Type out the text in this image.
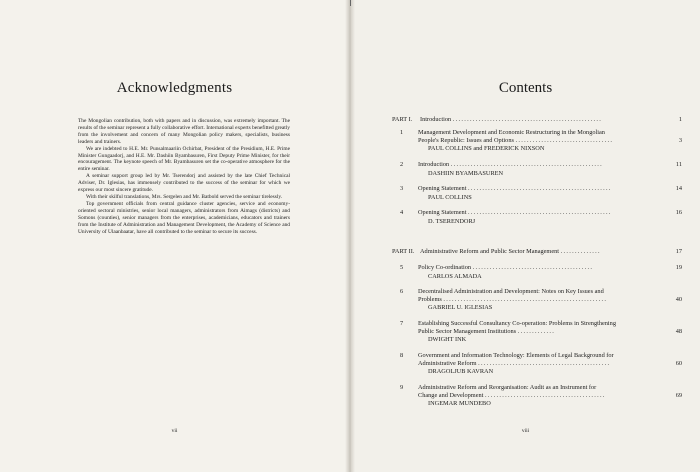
Acknowledgments

The Mongolian contribution, both with papers and in discussion, was extremely important. The results of the seminar represent a fully collaborative effort. International experts benefitted greatly from the involvement and concern of many Mongolian policy makers, specialists, business leaders and trainers.

We are indebted to H.E. Mr. Punsalmaariin Ochirbat, President of the Presidium, H.E. Prime Minister Gungaadorj, and H.E. Mr. Dashiin Byambasuren, First Deputy Prime Minister, for their encouragement. The keynote speech of Mr. Byambasuren set the co-operative atmosphere for the entire seminar.

A seminar support group led by Mr. Tserendorj and assisted by the late Chief Technical Adviser, Dr. Iglesias, has immensely contributed to the success of the seminar for which we express our most sincere gratitude.

With their skilful translations, Mrs. Sergelen and Mr. Batbold served the seminar tirelessly.

Top government officials from central guidance cluster agencies, service and economy-oriented sectoral ministries, senior local managers, administrators from Aimags (districts) and Somons (counties), senior managers from the enterprises, academicians, educators and trainers from the Institute of Administration and Management Development, the Academy of Science and University of Ulaanbaatar, have all contributed to the seminar to secure its success.

vii
Contents
PART I. Introduction ....................................................	1
1 Management Development and Economic Restructuring in the Mongolian
People's Republic: Issues and Options ..................................	3
PAUL COLLINS and FREDERICK NIXSON
2 Introduction .....................................................	11
DASHIIN BYAMBASUREN
3 Opening Statement ..................................................	14
PAUL COLLINS
4 Opening Statement ..................................................	16
D. TSERENDORJ
PART II. Administrative Reform and Public Sector Management ..............	17
5 Policy Co-ordination ..........................................	19
CARLOS ALMADA
6 Decentralised Administration and Development: Notes on Key Issues and
Problems .........................................................	40
GABRIEL U. IGLESIAS
7 Establishing Successful Consultancy Co-operation: Problems in Strengthening
Public Sector Management Institutions .............	48
DWIGHT INK
8 Government and Information Technology: Elements of Legal Background for
Administrative Reform ..............................................	60
DRAGOLJUB KAVRAN
9 Administrative Reform and Reorganisation: Audit as an Instrument for
Change and Development ..........................................	69
INGEMAR MUNDEBO
viii
